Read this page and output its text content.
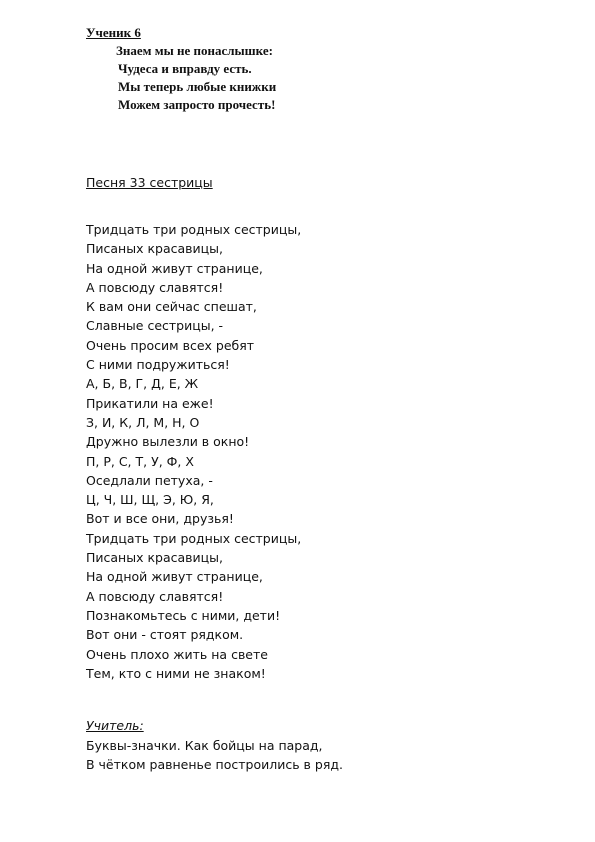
Ученик 6
Знаем мы не понаслышке:
Чудеса и вправду есть.
Мы теперь любые книжки
Можем запросто прочесть!
Песня 33 сестрицы
Тридцать три родных сестрицы,
Писаных красавицы,
На одной живут странице,
А повсюду славятся!
К вам они сейчас спешат,
Славные сестрицы, -
Очень просим всех ребят
С ними подружиться!
А, Б, В, Г, Д, Е, Ж
Прикатили на еже!
З, И, К, Л, М, Н, О
Дружно вылезли в окно!
П, Р, С, Т, У, Ф, Х
Оседлали петуха, -
Ц, Ч, Ш, Щ, Э, Ю, Я,
Вот и все они, друзья!
Тридцать три родных сестрицы,
Писаных красавицы,
На одной живут странице,
А повсюду славятся!
Познакомьтесь с ними, дети!
Вот они - стоят рядком.
Очень плохо жить на свете
Тем, кто с ними не знаком!
Учитель:
Буквы-значки. Как бойцы на парад,
В чётком равненье построились в ряд.
